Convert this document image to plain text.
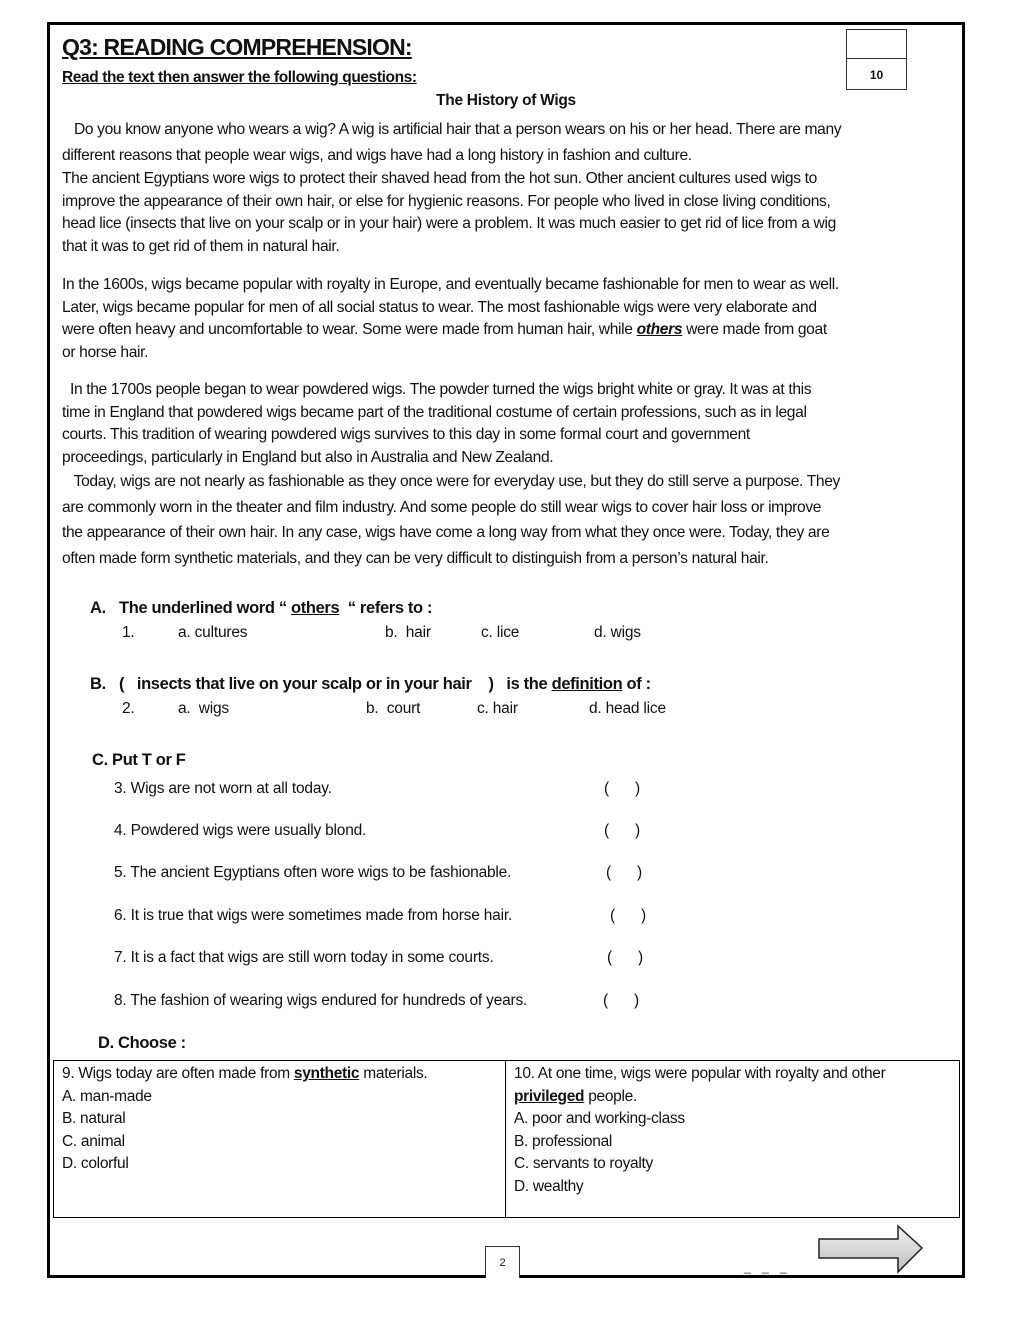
Q3: READING COMPREHENSION:
Read the text then answer the following questions:	10
The History of Wigs

Do you know anyone who wears a wig? A wig is artificial hair that a person wears on his or her head. There are many

different reasons that people wear wigs, and wigs have had a long history in fashion and culture.

The ancient Egyptians wore wigs to protect their shaved head from the hot sun. Other ancient cultures used wigs to

improve the appearance of their own hair, or else for hygienic reasons. For people who lived in close living conditions,

head lice (insects that live on your scalp or in your hair) were a problem. It was much easier to get rid of lice from a wig

that it was to get rid of them in natural hair.

In the 1600s, wigs became popular with royalty in Europe, and eventually became fashionable for men to wear as well.

Later, wigs became popular for men of all social status to wear. The most fashionable wigs were very elaborate and

were often heavy and uncomfortable to wear. Some were made from human hair, while others were made from goat

or horse hair.

In the 1700s people began to wear powdered wigs. The powder turned the wigs bright white or gray. It was at this

time in England that powdered wigs became part of the traditional costume of certain professions, such as in legal

courts. This tradition of wearing powdered wigs survives to this day in some formal court and government

proceedings, particularly in England but also in Australia and New Zealand.

Today, wigs are not nearly as fashionable as they once were for everyday use, but they do still serve a purpose. They

are commonly worn in the theater and film industry. And some people do still wear wigs to cover hair loss or improve

the appearance of their own hair. In any case, wigs have come a long way from what they once were. Today, they are

often made form synthetic materials, and they can be very difficult to distinguish from a person’s natural hair.

A. The underlined word “ others  “ refers to :
1.	a. cultures	b.  hair	c. lice	d. wigs
B. (   insects that live on your scalp or in your hair    )   is the definition of :
2.	a.  wigs	b.  court	c. hair	d. head lice
C. Put T or F
3. Wigs are not worn at all today.	(      )
4. Powdered wigs were usually blond.	(      )
5. The ancient Egyptians often wore wigs to be fashionable.	(      )
6. It is true that wigs were sometimes made from horse hair.	(      )
7. It is a fact that wigs are still worn today in some courts.	(      )
8. The fashion of wearing wigs endured for hundreds of years.	(      )
D. Choose :
9. Wigs today are often made from synthetic materials.
A. man-made
B. natural
C. animal
D. colorful
10. At one time, wigs were popular with royalty and other
privileged people.
A. poor and working-class
B. professional
C. servants to royalty
D. wealthy
2	_ _ _
